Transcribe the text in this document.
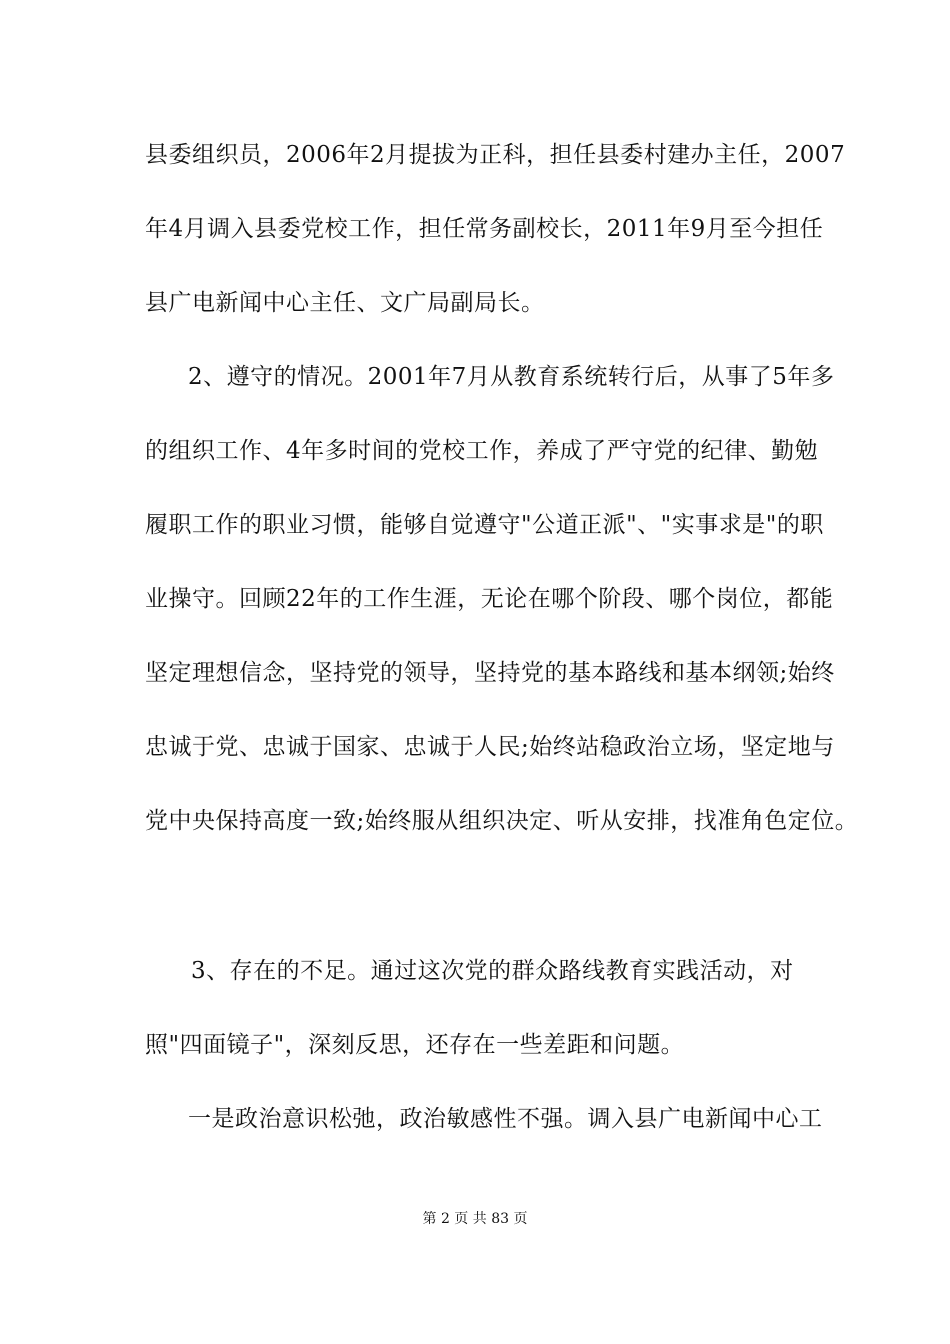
县委组织员，2006年2月提拔为正科，担任县委村建办主任，2007
年4月调入县委党校工作，担任常务副校长，2011年9月至今担任
县广电新闻中心主任、文广局副局长。
2、遵守的情况。2001年7月从教育系统转行后，从事了5年多
的组织工作、4年多时间的党校工作，养成了严守党的纪律、勤勉
履职工作的职业习惯，能够自觉遵守"公道正派"、"实事求是"的职
业操守。回顾22年的工作生涯，无论在哪个阶段、哪个岗位，都能
坚定理想信念，坚持党的领导，坚持党的基本路线和基本纲领;始终
忠诚于党、忠诚于国家、忠诚于人民;始终站稳政治立场，坚定地与
党中央保持高度一致;始终服从组织决定、听从安排，找准角色定位。
3、存在的不足。通过这次党的群众路线教育实践活动，对
照"四面镜子"，深刻反思，还存在一些差距和问题。
一是政治意识松弛，政治敏感性不强。调入县广电新闻中心工
第 2 页 共 83 页
